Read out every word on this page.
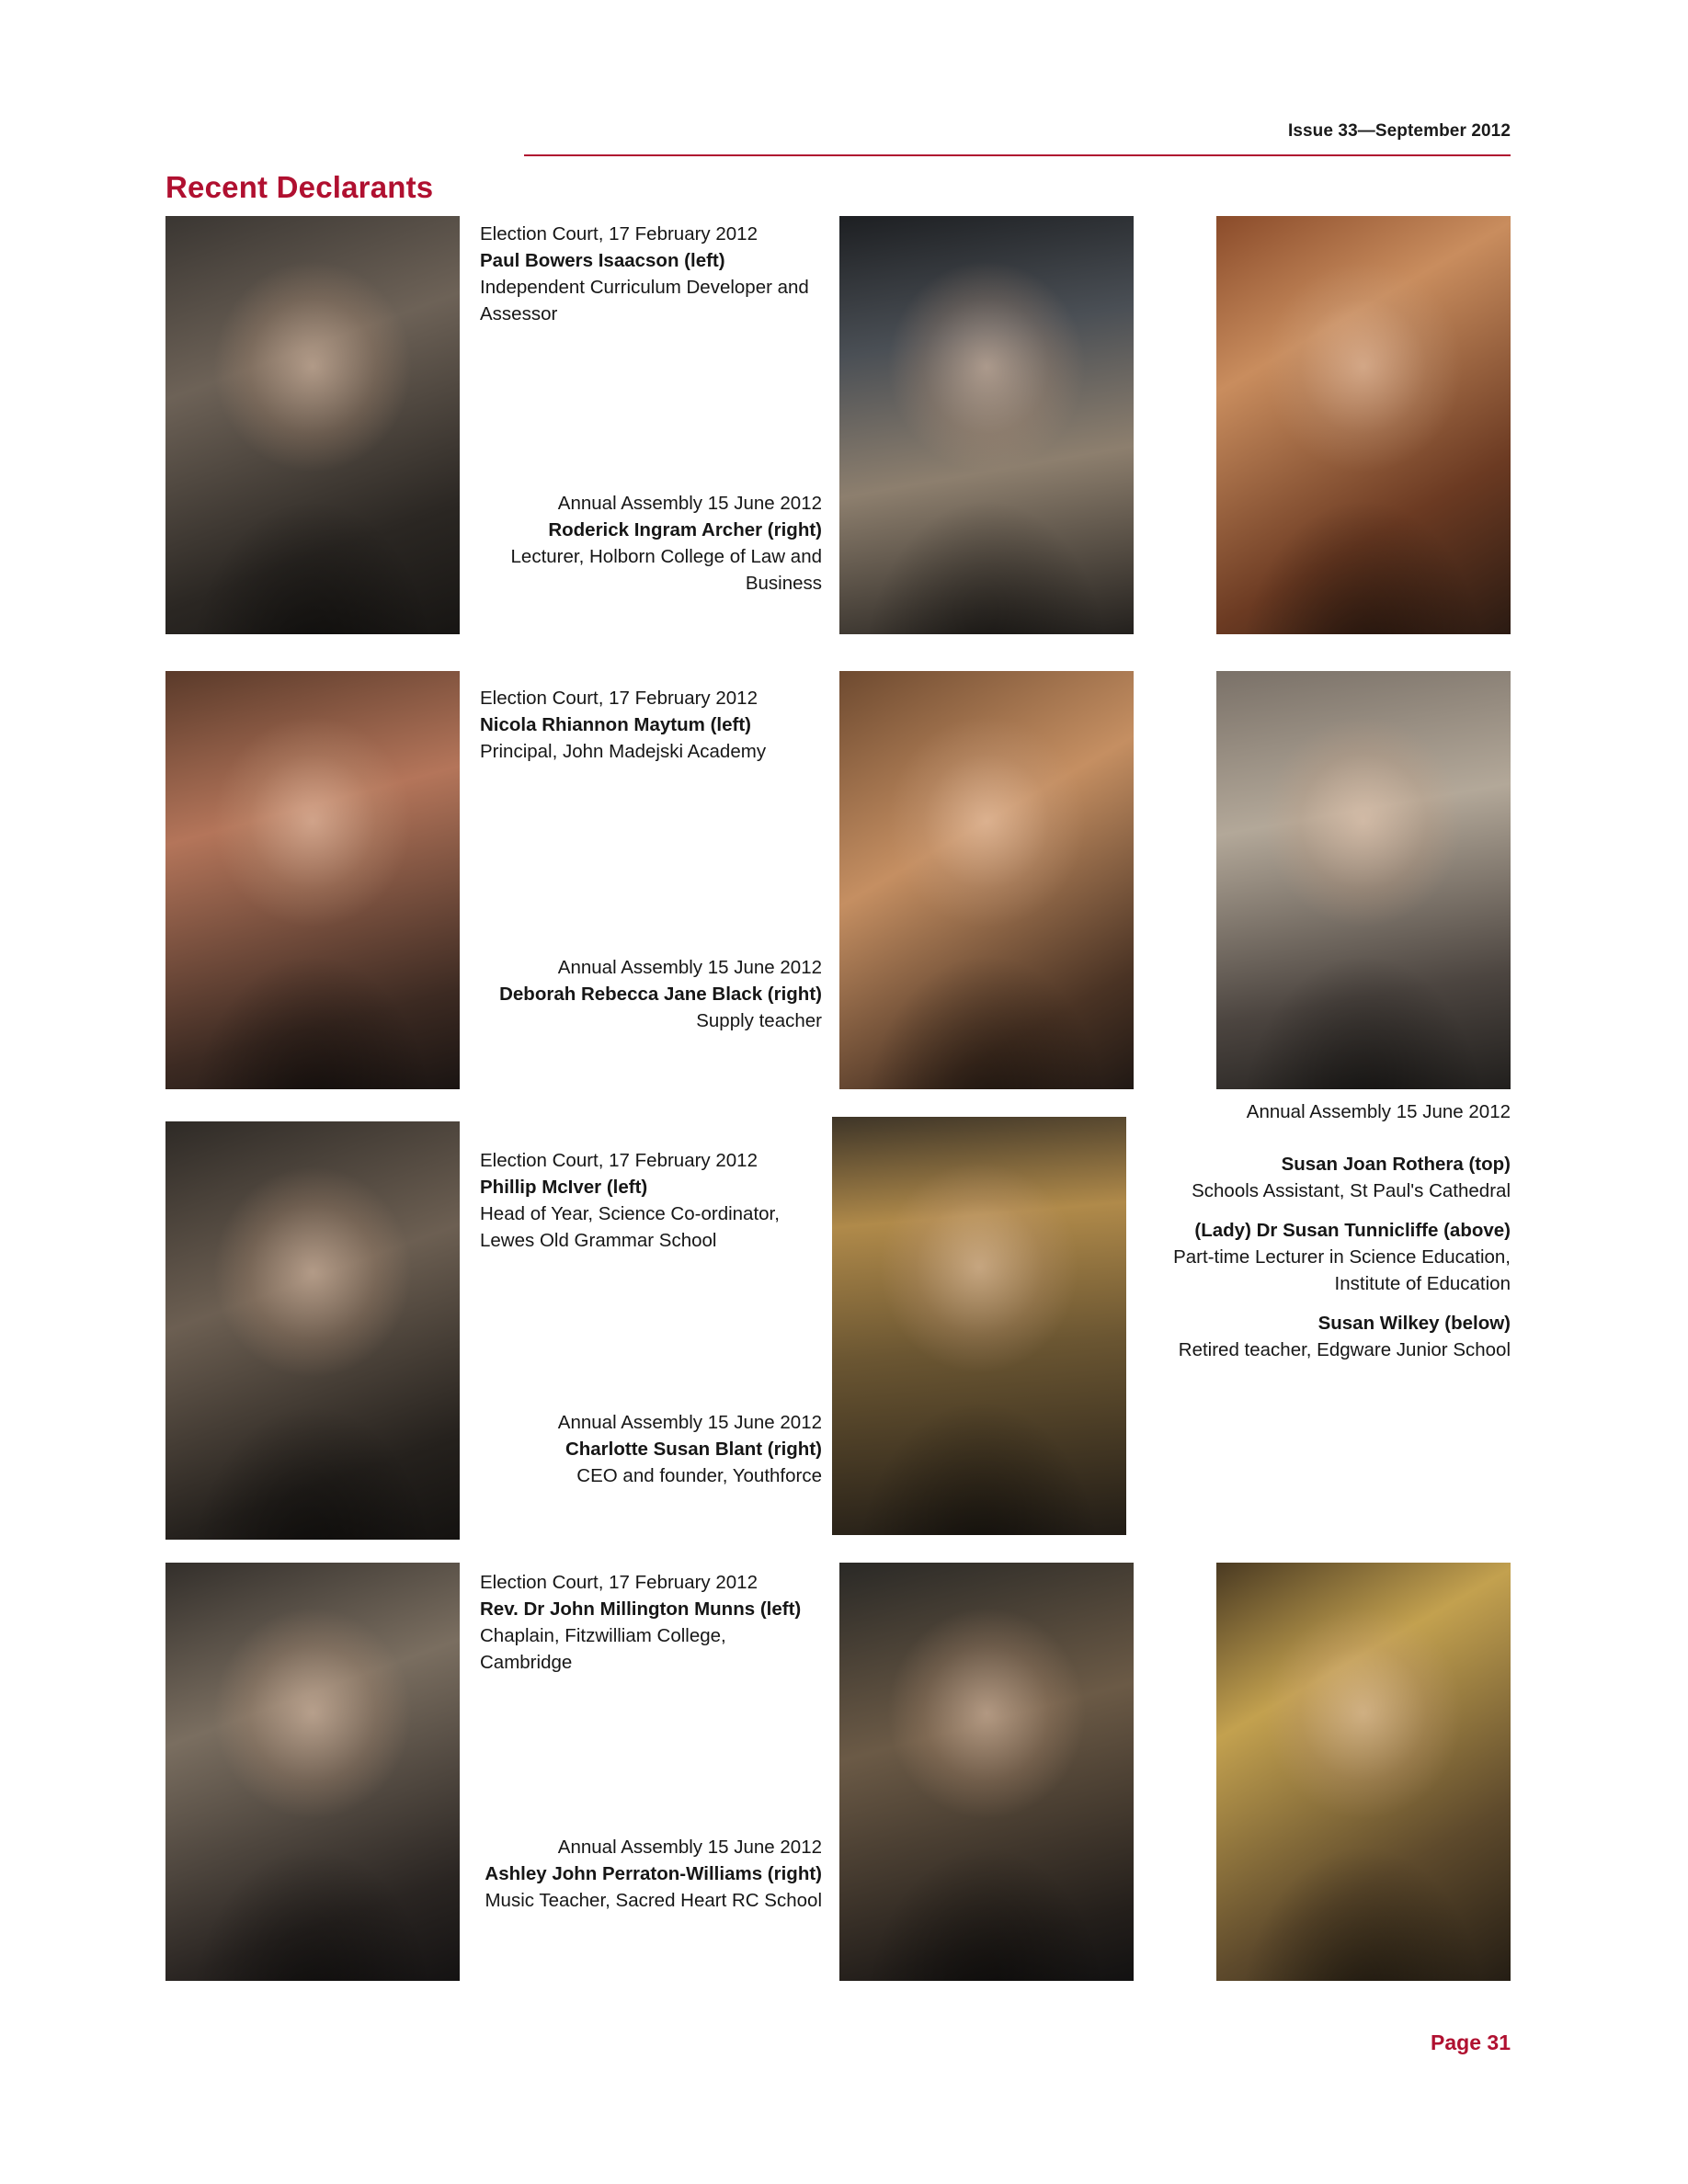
Issue 33—September 2012
Recent Declarants
Election Court, 17 February 2012
Paul Bowers Isaacson (left)
Independent Curriculum Developer and Assessor
Annual Assembly 15 June 2012
Roderick Ingram Archer (right)
Lecturer, Holborn College of Law and Business
Election Court, 17 February 2012
Nicola Rhiannon Maytum (left)
Principal, John Madejski Academy
Annual Assembly 15 June 2012
Deborah Rebecca Jane Black (right)
Supply teacher
Election Court, 17 February 2012
Phillip McIver (left)
Head of Year, Science Co-ordinator, Lewes Old Grammar School
Annual Assembly 15 June 2012
Charlotte Susan Blant (right)
CEO and founder, Youthforce
Annual Assembly 15 June 2012
Susan Joan Rothera (top)
Schools Assistant, St Paul's Cathedral
(Lady) Dr Susan Tunnicliffe (above)
Part-time Lecturer in Science Education, Institute of Education
Susan Wilkey (below)
Retired teacher, Edgware Junior School
Election Court, 17 February 2012
Rev. Dr John Millington Munns (left)
Chaplain, Fitzwilliam College, Cambridge
Annual Assembly 15 June 2012
Ashley John Perraton-Williams (right)
Music Teacher, Sacred Heart RC School
Page 31
